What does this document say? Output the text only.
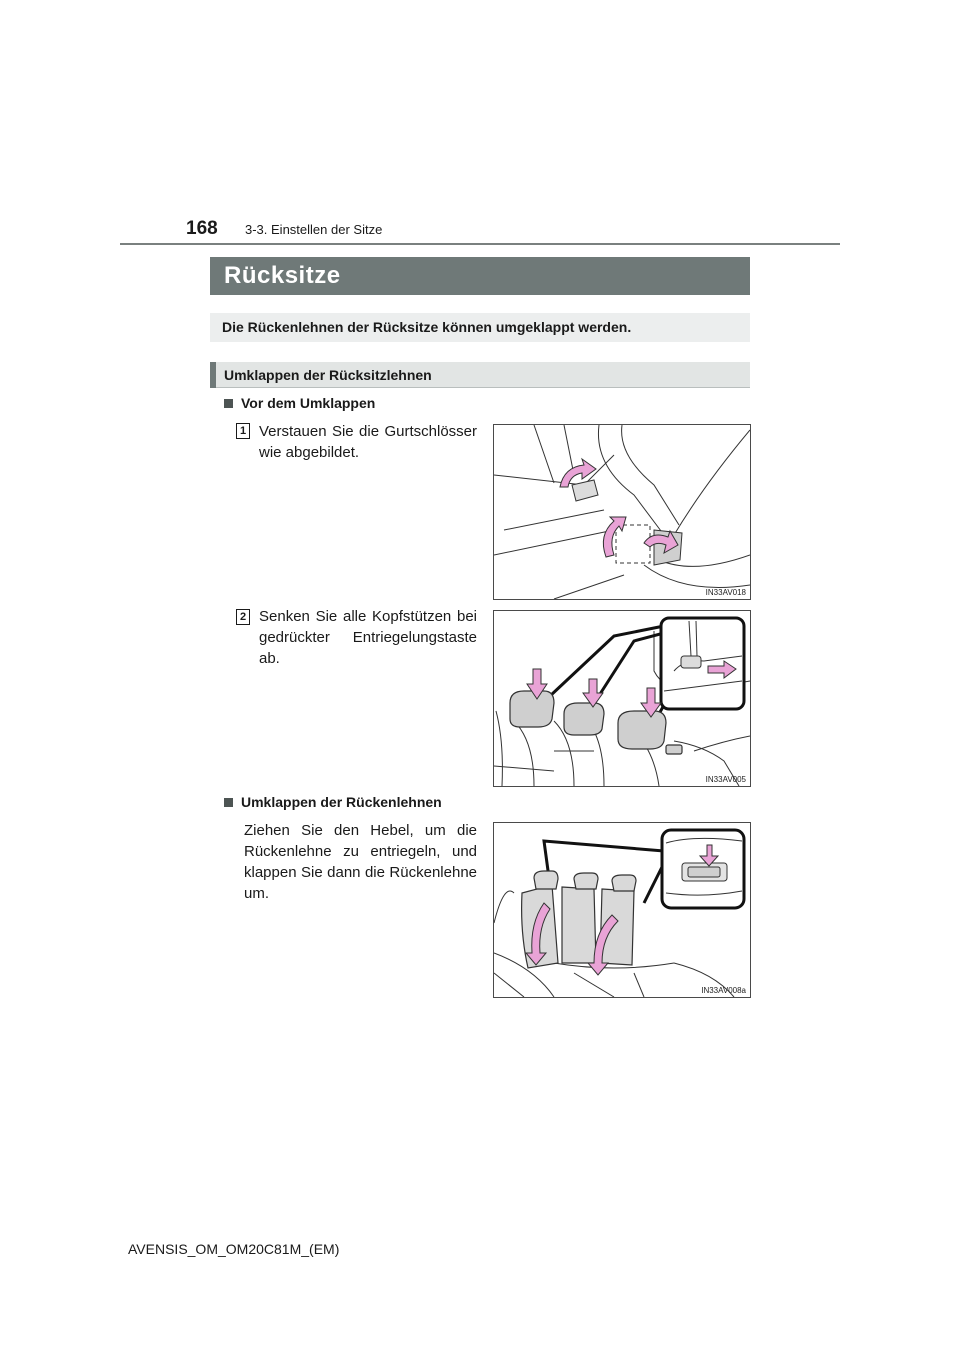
168 3-3. Einstellen der Sitze
Rücksitze
Die Rückenlehnen der Rücksitze können umgeklappt werden.
Umklappen der Rücksitzlehnen
Vor dem Umklappen
1 Verstauen Sie die Gurtschlösser wie abgebildet.
IN33AV018
2 Senken Sie alle Kopfstützen bei gedrückter Entriegelungstaste ab.
IN33AV005
Umklappen der Rückenlehnen
Ziehen Sie den Hebel, um die Rückenlehne zu entriegeln, und klappen Sie dann die Rückenlehne um.
IN33AV008a
AVENSIS_OM_OM20C81M_(EM)
